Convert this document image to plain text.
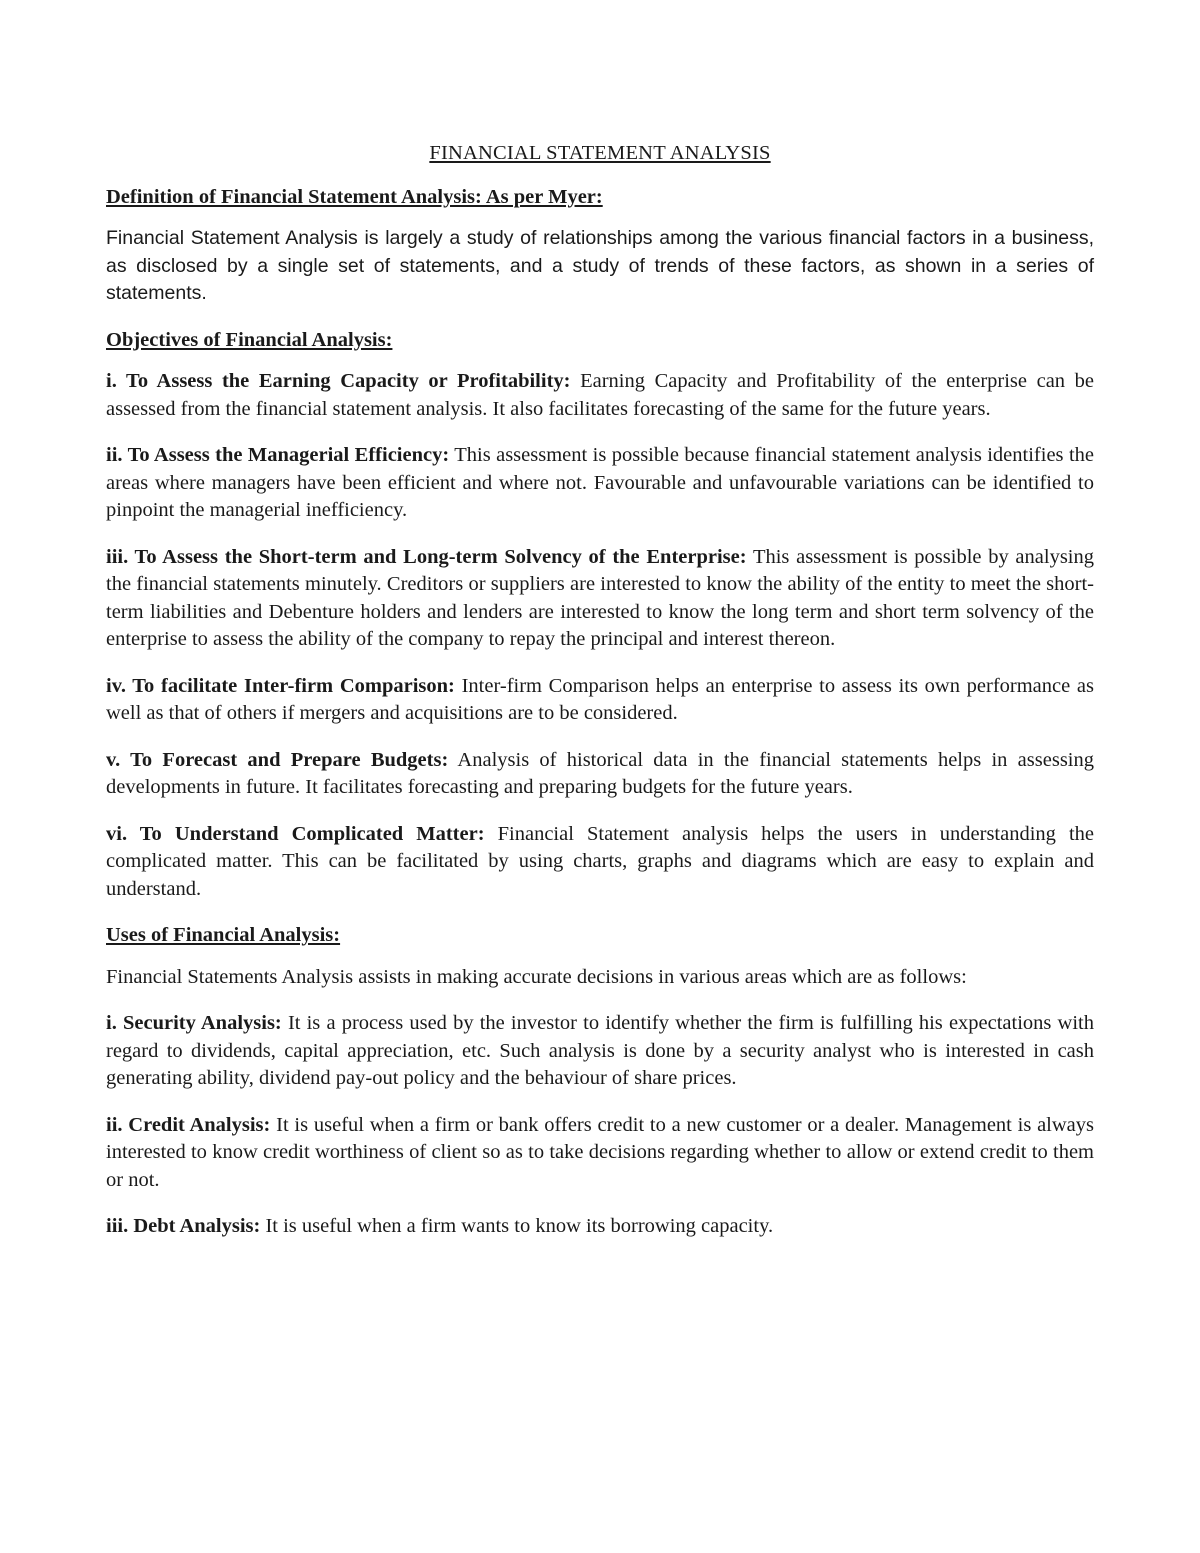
FINANCIAL STATEMENT ANALYSIS
Definition of Financial Statement Analysis: As per Myer:

Financial Statement Analysis is largely a study of relationships among the various financial factors in a business, as disclosed by a single set of statements, and a study of trends of these factors, as shown in a series of statements.

Objectives of Financial Analysis:

i. To Assess the Earning Capacity or Profitability: Earning Capacity and Profitability of the enterprise can be assessed from the financial statement analysis. It also facilitates forecasting of the same for the future years.

ii. To Assess the Managerial Efficiency: This assessment is possible because financial statement analysis identifies the areas where managers have been efficient and where not. Favourable and unfavourable variations can be identified to pinpoint the managerial inefficiency.

iii. To Assess the Short-term and Long-term Solvency of the Enterprise: This assessment is possible by analysing the financial statements minutely. Creditors or suppliers are interested to know the ability of the entity to meet the short-term liabilities and Debenture holders and lenders are interested to know the long term and short term solvency of the enterprise to assess the ability of the company to repay the principal and interest thereon.

iv. To facilitate Inter-firm Comparison: Inter-firm Comparison helps an enterprise to assess its own performance as well as that of others if mergers and acquisitions are to be considered.

v. To Forecast and Prepare Budgets: Analysis of historical data in the financial statements helps in assessing developments in future. It facilitates forecasting and preparing budgets for the future years.

vi. To Understand Complicated Matter: Financial Statement analysis helps the users in understanding the complicated matter. This can be facilitated by using charts, graphs and diagrams which are easy to explain and understand.

Uses of Financial Analysis:

Financial Statements Analysis assists in making accurate decisions in various areas which are as follows:

i. Security Analysis: It is a process used by the investor to identify whether the firm is fulfilling his expectations with regard to dividends, capital appreciation, etc. Such analysis is done by a security analyst who is interested in cash generating ability, dividend pay-out policy and the behaviour of share prices.

ii. Credit Analysis: It is useful when a firm or bank offers credit to a new customer or a dealer. Management is always interested to know credit worthiness of client so as to take decisions regarding whether to allow or extend credit to them or not.

iii. Debt Analysis: It is useful when a firm wants to know its borrowing capacity.
